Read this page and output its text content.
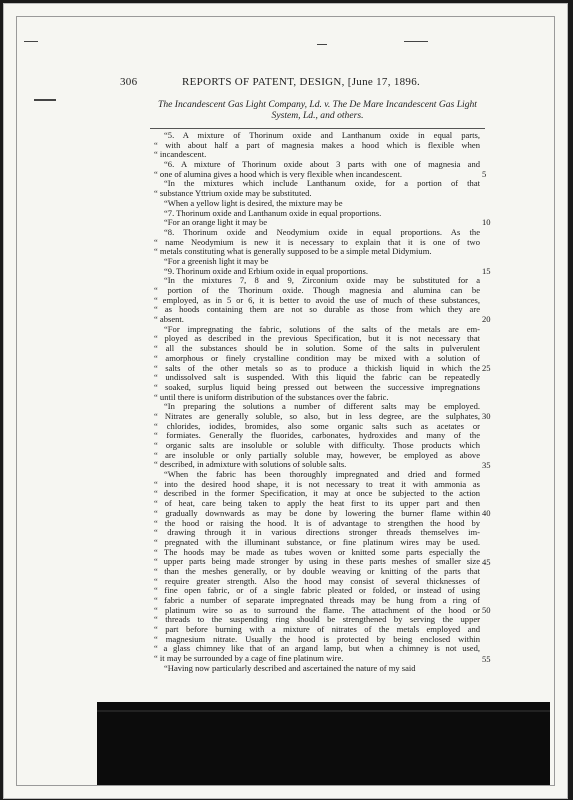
306	REPORTS OF PATENT, DESIGN, [June 17, 1896.
The Incandescent Gas Light Company, Ld. v. The De Mare Incandescent Gas Light System, Ld., and others.
“5. A mixture of Thorinum oxide and Lanthanum oxide in equal parts,
“ with about half a part of magnesia makes a hood which is flexible when
“ incandescent.
“6. A mixture of Thorinum oxide about 3 parts with one of magnesia and
“ one of alumina gives a hood which is very flexible when incandescent.
“In the mixtures which include Lanthanum oxide, for a portion of that
“ substance Yttrium oxide may be substituted.
“When a yellow light is desired, the mixture may be
“7. Thorinum oxide and Lanthanum oxide in equal proportions.
“For an orange light it may be
“8. Thorinum oxide and Neodymium oxide in equal proportions. As the
“ name Neodymium is new it is necessary to explain that it is one of two
“ metals constituting what is generally supposed to be a simple metal Didymium.
“For a greenish light it may be
“9. Thorinum oxide and Erbium oxide in equal proportions.
“In the mixtures 7, 8 and 9, Zirconium oxide may be substituted for a
“ portion of the Thorinum oxide. Though magnesia and alumina can be
“ employed, as in 5 or 6, it is better to avoid the use of much of these substances,
“ as hoods containing them are not so durable as those from which they are
“ absent.
“For impregnating the fabric, solutions of the salts of the metals are em-
“ ployed as described in the previous Specification, but it is not necessary that
“ all the substances should be in solution. Some of the salts in pulverulent
“ amorphous or finely crystalline condition may be mixed with a solution of
“ salts of the other metals so as to produce a thickish liquid in which the
“ undissolved salt is suspended. With this liquid the fabric can be repeatedly
“ soaked, surplus liquid being pressed out between the successive impregnations
“ until there is uniform distribution of the substances over the fabric.
“In preparing the solutions a number of different salts may be employed.
“ Nitrates are generally soluble, so also, but in less degree, are the sulphates,
“ chlorides, iodides, bromides, also some organic salts such as acetates or
“ formiates. Generally the fluorides, carbonates, hydroxides and many of the
“ organic salts are insoluble or soluble with difficulty. Those products which
“ are insoluble or only partially soluble may, however, be employed as above
“ described, in admixture with solutions of soluble salts.
“When the fabric has been thoroughly impregnated and dried and formed
“ into the desired hood shape, it is not necessary to treat it with ammonia as
“ described in the former Specification, it may at once be subjected to the action
“ of heat, care being taken to apply the heat first to its upper part and then
“ gradually downwards as may be done by lowering the burner flame within
“ the hood or raising the hood. It is of advantage to strengthen the hood by
“ drawing through it in various directions stronger threads themselves im-
“ pregnated with the illuminant substance, or fine platinum wires may be used.
“ The hoods may be made as tubes woven or knitted some parts especially the
“ upper parts being made stronger by using in these parts meshes of smaller size
“ than the meshes generally, or by double weaving or knitting of the parts that
“ require greater strength. Also the hood may consist of several thicknesses of
“ fine open fabric, or of a single fabric pleated or folded, or instead of using
“ fabric a number of separate impregnated threads may be hung from a ring of
“ platinum wire so as to surround the flame. The attachment of the hood or
“ threads to the suspending ring should be strengthened by serving the upper
“ part before burning with a mixture of nitrates of the metals employed and
“ magnesium nitrate. Usually the hood is protected by being enclosed within
“ a glass chimney like that of an argand lamp, but when a chimney is not used,
“ it may be surrounded by a cage of fine platinum wire.
“Having now particularly described and ascertained the nature of my said
5
10
15
20
25
30
35
40
45
50
55
